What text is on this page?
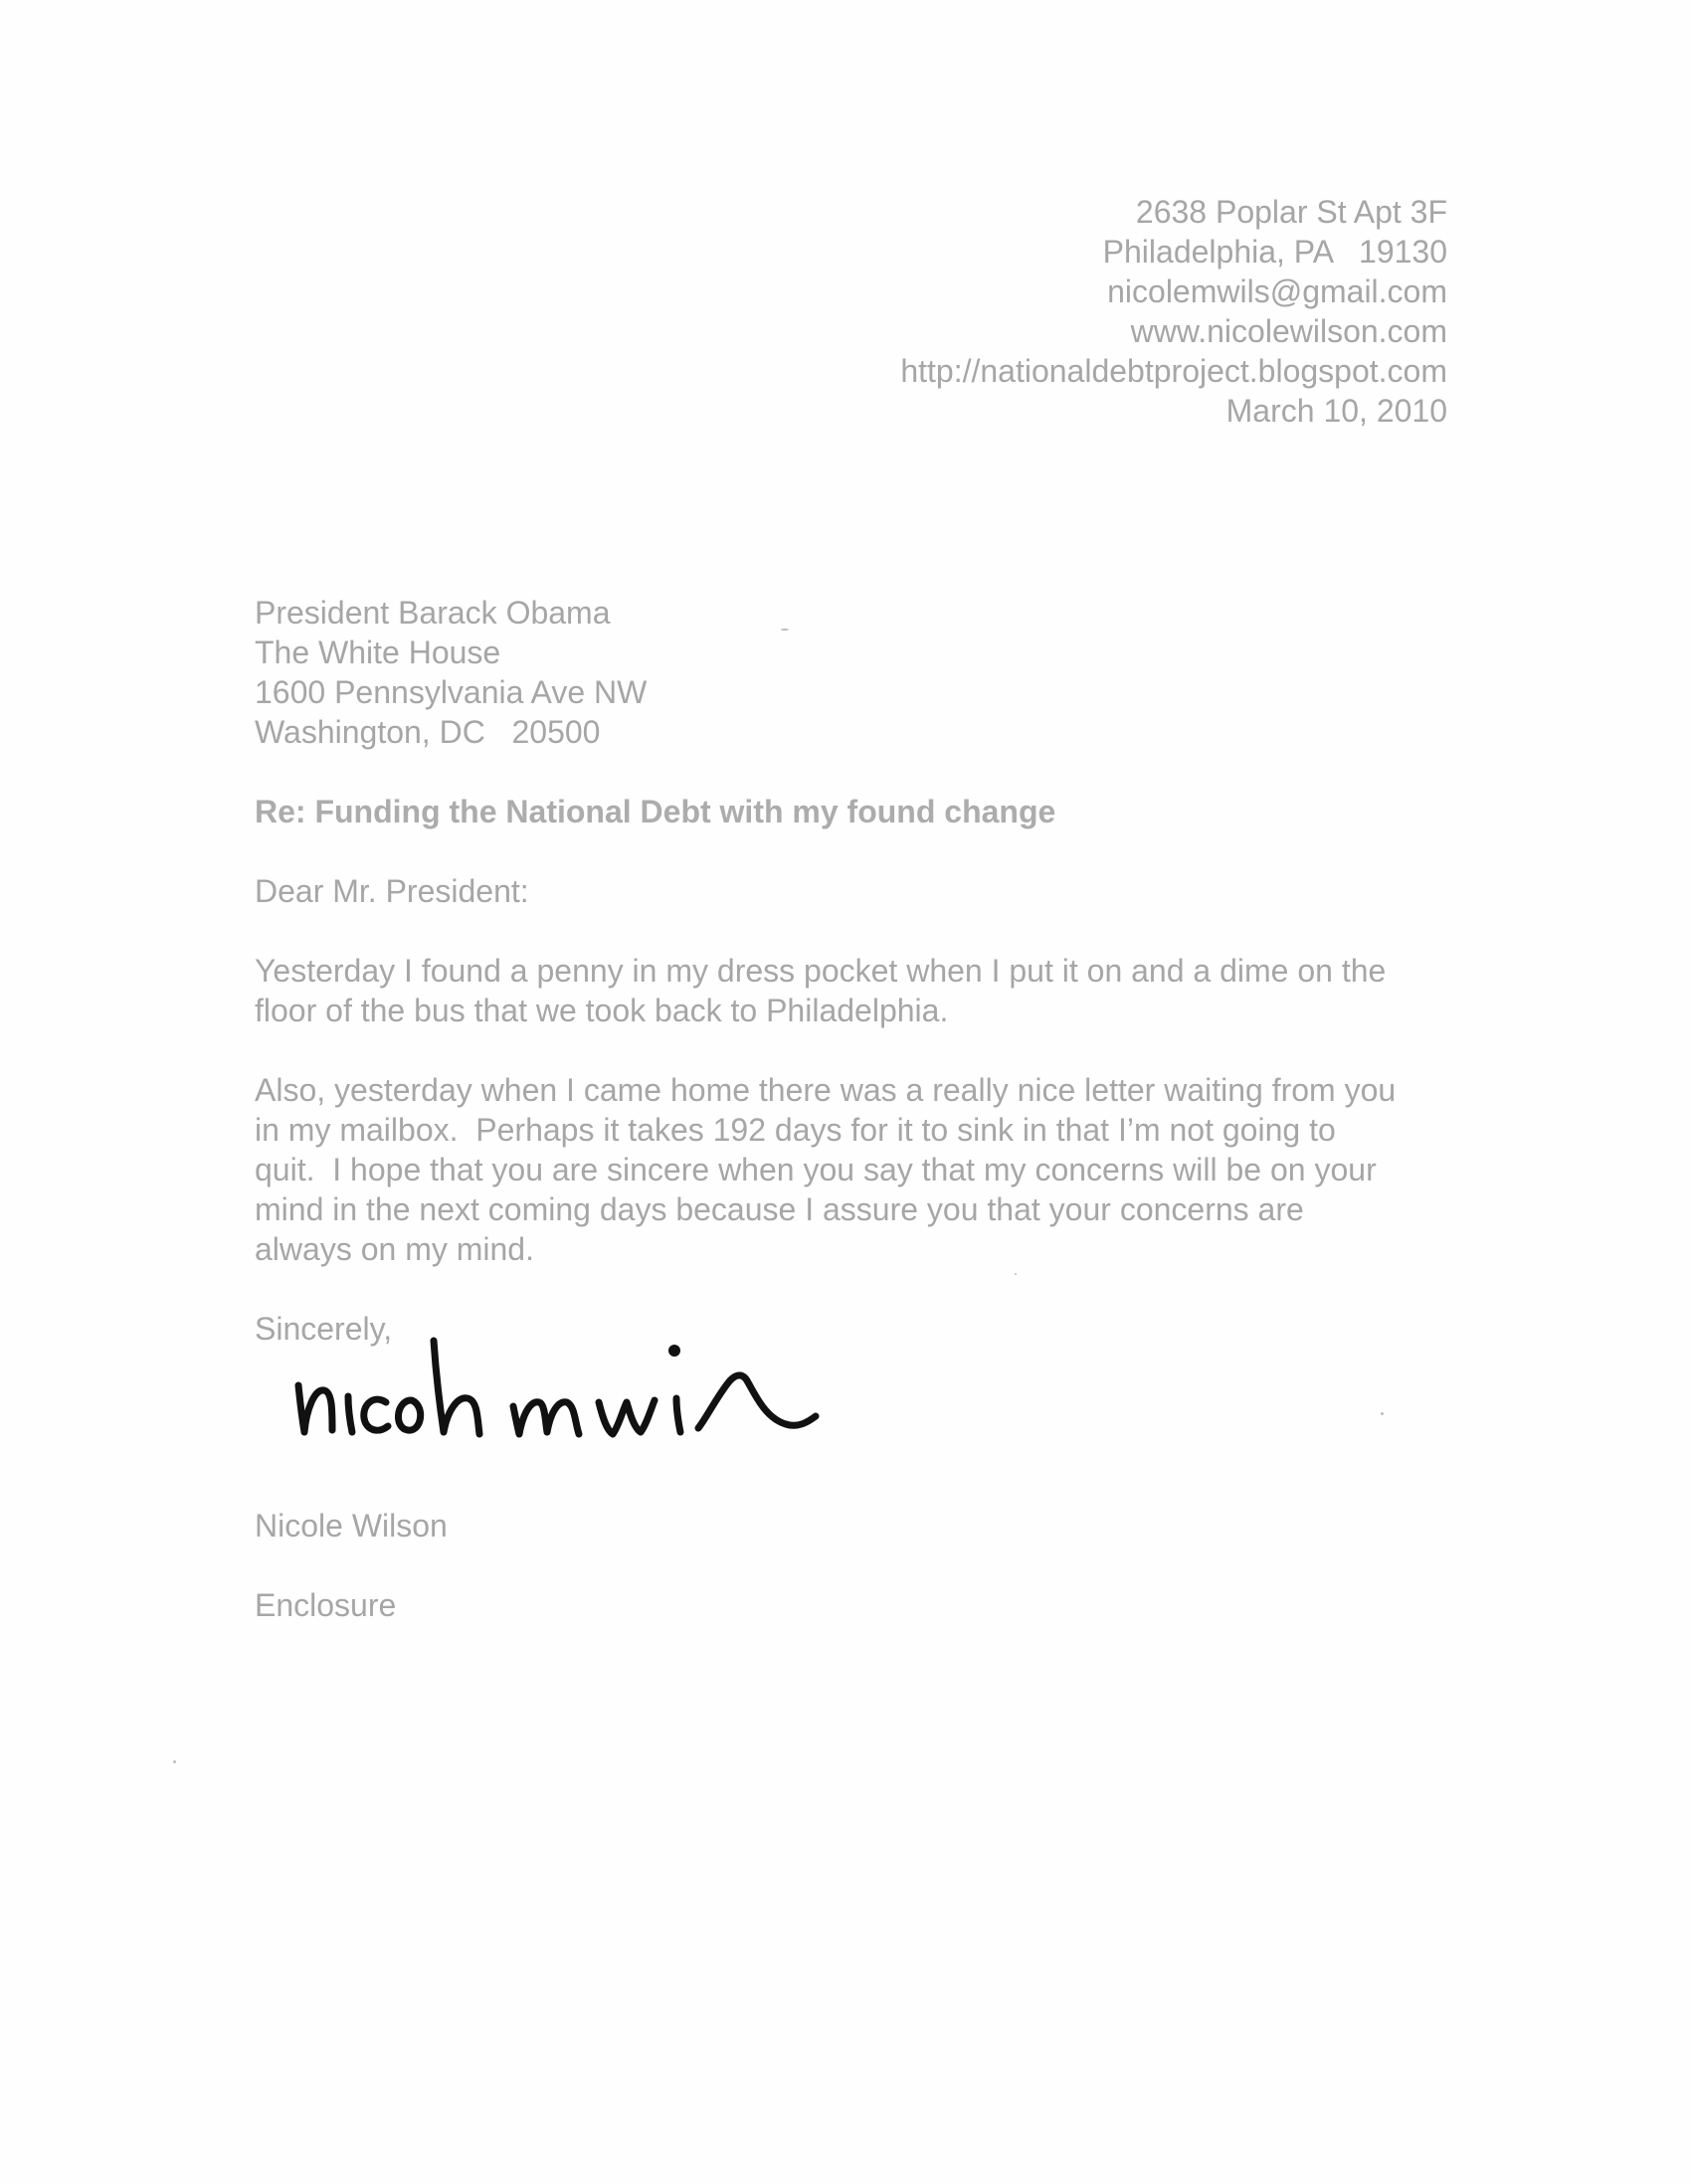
2638 Poplar St Apt 3F
Philadelphia, PA   19130
nicolemwils@gmail.com
www.nicolewilson.com
http://nationaldebtproject.blogspot.com
March 10, 2010
President Barack Obama
The White House
1600 Pennsylvania Ave NW
Washington, DC   20500
Re: Funding the National Debt with my found change
Dear Mr. President:
Yesterday I found a penny in my dress pocket when I put it on and a dime on the
floor of the bus that we took back to Philadelphia.
Also, yesterday when I came home there was a really nice letter waiting from you
in my mailbox.  Perhaps it takes 192 days for it to sink in that I’m not going to
quit.  I hope that you are sincere when you say that my concerns will be on your
mind in the next coming days because I assure you that your concerns are
always on my mind.
Sincerely,
Nicole Wilson
Enclosure
